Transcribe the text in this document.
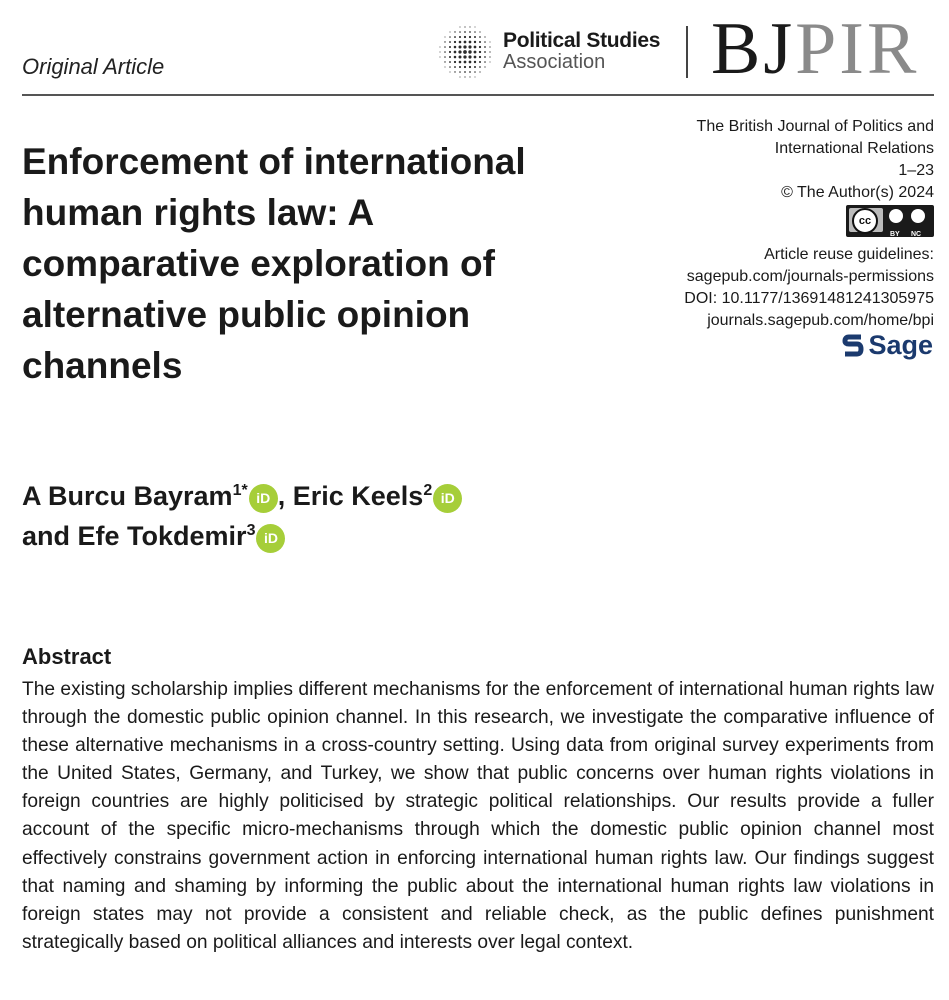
Original Article
Political Studies
Association	BJPIR
Enforcement of international
human rights law: A
comparative exploration of
alternative public opinion
channels
The British Journal of Politics and
International Relations
1–23
© The Author(s) 2024
cc
BY NC
Article reuse guidelines:
sagepub.com/journals-permissions
DOI: 10.1177/13691481241305975
journals.sagepub.com/home/bpi
Sage
A Burcu Bayram$^{1*}$ iD , Eric Keels$^2$ iD
and Efe Tokdemir$^3$ iD
Abstract

The existing scholarship implies different mechanisms for the enforcement of international human rights law through the domestic public opinion channel. In this research, we investigate the comparative influence of these alternative mechanisms in a cross-country setting. Using data from original survey experiments from the United States, Germany, and Turkey, we show that public concerns over human rights violations in foreign countries are highly politicised by strategic political relationships. Our results provide a fuller account of the specific micro-mechanisms through which the domestic public opinion channel most effectively constrains government action in enforcing international human rights law. Our findings suggest that naming and shaming by informing the public about the international human rights law violations in foreign states may not provide a consistent and reliable check, as the public defines punishment strategically based on political alliances and interests over legal context.
